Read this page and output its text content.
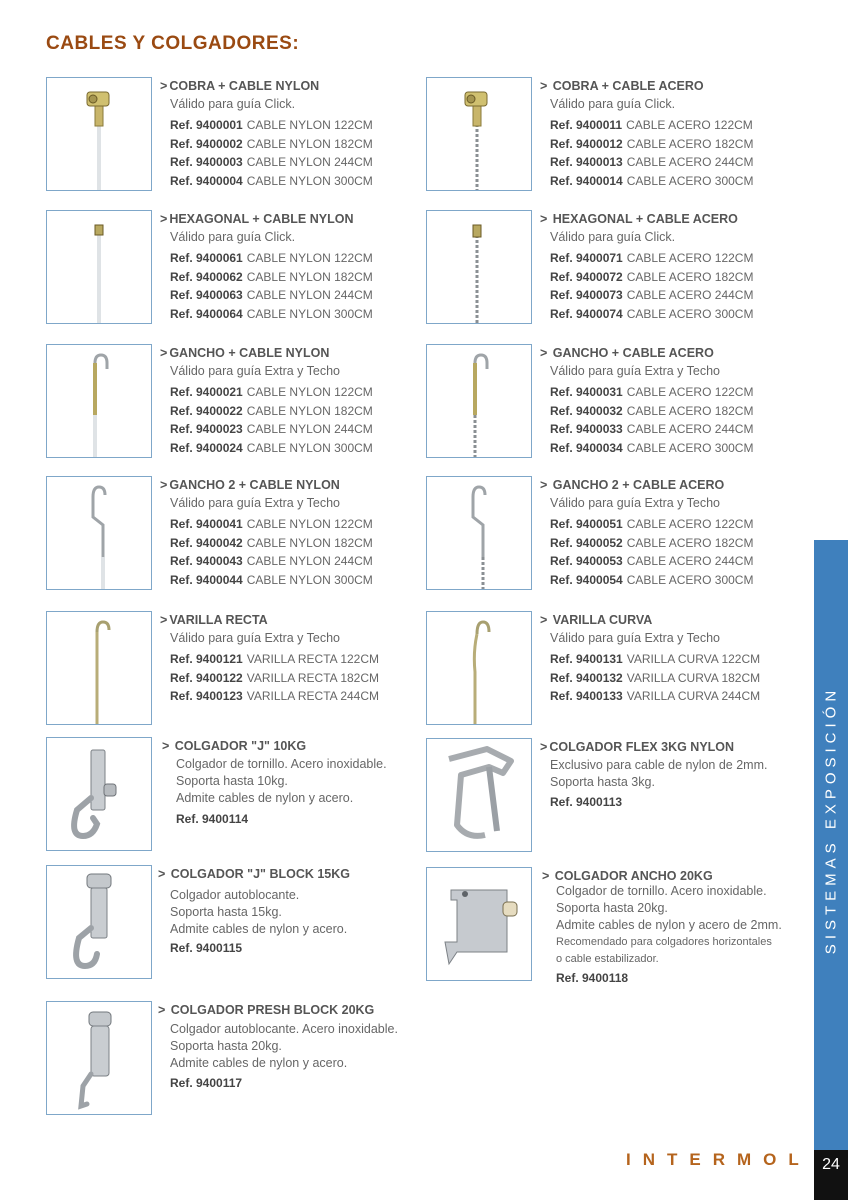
CABLES Y COLGADORES:
> COBRA + CABLE NYLON
Válido para guía Click.
Ref. 9400001 CABLE NYLON 122CM
Ref. 9400002 CABLE NYLON 182CM
Ref. 9400003 CABLE NYLON 244CM
Ref. 9400004 CABLE NYLON 300CM
> COBRA + CABLE ACERO
Válido para guía Click.
Ref. 9400011 CABLE ACERO 122CM
Ref. 9400012 CABLE ACERO 182CM
Ref. 9400013 CABLE ACERO 244CM
Ref. 9400014 CABLE ACERO 300CM
> HEXAGONAL + CABLE NYLON
Válido para guía Click.
Ref. 9400061 CABLE NYLON 122CM
Ref. 9400062 CABLE NYLON 182CM
Ref. 9400063 CABLE NYLON 244CM
Ref. 9400064 CABLE NYLON 300CM
> HEXAGONAL + CABLE ACERO
Válido para guía Click.
Ref. 9400071 CABLE ACERO 122CM
Ref. 9400072 CABLE ACERO 182CM
Ref. 9400073 CABLE ACERO 244CM
Ref. 9400074 CABLE ACERO 300CM
> GANCHO + CABLE NYLON
Válido para guía Extra y Techo
Ref. 9400021 CABLE NYLON 122CM
Ref. 9400022 CABLE NYLON 182CM
Ref. 9400023 CABLE NYLON 244CM
Ref. 9400024 CABLE NYLON 300CM
> GANCHO + CABLE ACERO
Válido para guía Extra y Techo
Ref. 9400031 CABLE ACERO 122CM
Ref. 9400032 CABLE ACERO 182CM
Ref. 9400033 CABLE ACERO 244CM
Ref. 9400034 CABLE ACERO 300CM
> GANCHO 2 + CABLE NYLON
Válido para guía Extra y Techo
Ref. 9400041 CABLE NYLON 122CM
Ref. 9400042 CABLE NYLON 182CM
Ref. 9400043 CABLE NYLON 244CM
Ref. 9400044 CABLE NYLON 300CM
> GANCHO 2 + CABLE ACERO
Válido para guía Extra y Techo
Ref. 9400051 CABLE ACERO 122CM
Ref. 9400052 CABLE ACERO 182CM
Ref. 9400053 CABLE ACERO 244CM
Ref. 9400054 CABLE ACERO 300CM
> VARILLA RECTA
Válido para guía Extra y Techo
Ref. 9400121 VARILLA RECTA 122CM
Ref. 9400122 VARILLA RECTA 182CM
Ref. 9400123 VARILLA RECTA 244CM
> VARILLA CURVA
Válido para guía Extra y Techo
Ref. 9400131 VARILLA CURVA 122CM
Ref. 9400132 VARILLA CURVA 182CM
Ref. 9400133 VARILLA CURVA 244CM
> COLGADOR "J" 10KG
Colgador de tornillo. Acero inoxidable.
Soporta hasta 10kg.
Admite cables de nylon y acero.
Ref. 9400114
> COLGADOR FLEX 3KG NYLON
Exclusivo para cable de nylon de 2mm.
Soporta hasta 3kg.
Ref. 9400113
> COLGADOR "J" BLOCK 15KG
Colgador autoblocante.
Soporta hasta 15kg.
Admite cables de nylon y acero.
Ref. 9400115
> COLGADOR ANCHO 20KG
Colgador de tornillo. Acero inoxidable.
Soporta hasta 20kg.
Admite cables de nylon y acero de 2mm.
Recomendado para colgadores horizontales
o cable estabilizador.
Ref. 9400118
> COLGADOR PRESH BLOCK 20KG
Colgador autoblocante. Acero inoxidable.
Soporta hasta 20kg.
Admite cables de nylon y acero.
Ref. 9400117
SISTEMAS EXPOSICIÓN
24
INTERMOL
